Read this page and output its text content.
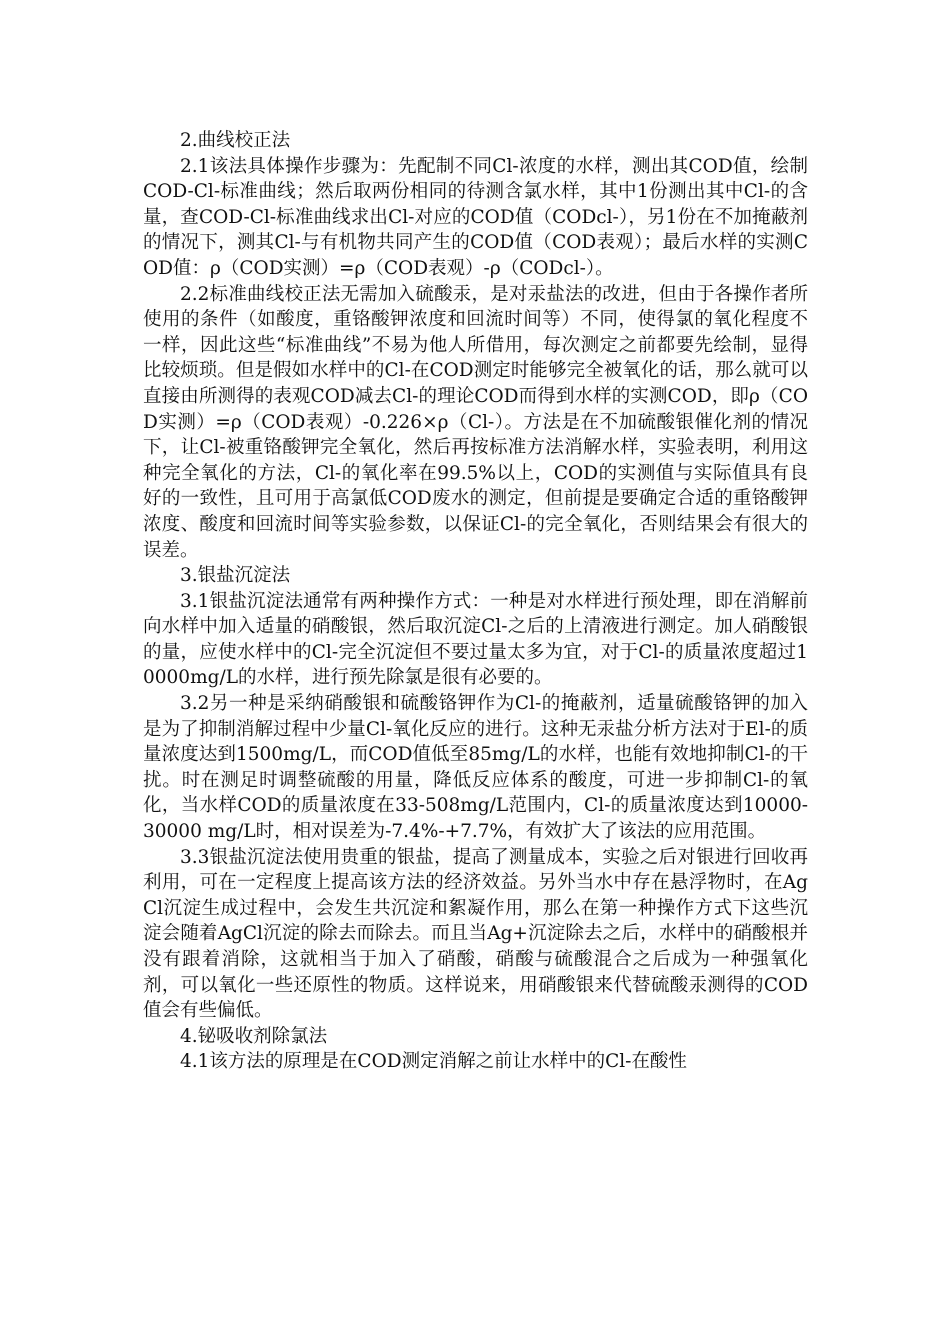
2.曲线校正法

2.1该法具体操作步骤为：先配制不同Cl-浓度的水样，测出其COD值，绘制COD-Cl-标准曲线；然后取两份相同的待测含氯水样，其中1份测出其中Cl-的含量，查COD-Cl-标准曲线求出Cl-对应的COD值（CODcl-），另1份在不加掩蔽剂的情况下，测其Cl-与有机物共同产生的COD值（COD表观）；最后水样的实测COD值：ρ（COD实测）=ρ（COD表观）-ρ（CODcl-）。

2.2标准曲线校正法无需加入硫酸汞，是对汞盐法的改进，但由于各操作者所使用的条件（如酸度，重铬酸钾浓度和回流时间等）不同，使得氯的氧化程度不一样，因此这些“标准曲线”不易为他人所借用，每次测定之前都要先绘制，显得比较烦琐。但是假如水样中的Cl-在COD测定时能够完全被氧化的话，那么就可以直接由所测得的表观COD减去Cl-的理论COD而得到水样的实测COD，即ρ（COD实测）=ρ（COD表观）-0.226×ρ（Cl-）。方法是在不加硫酸银催化剂的情况下，让Cl-被重铬酸钾完全氧化，然后再按标准方法消解水样，实验表明，利用这种完全氧化的方法，Cl-的氧化率在99.5%以上，COD的实测值与实际值具有良好的一致性，且可用于高氯低COD废水的测定，但前提是要确定合适的重铬酸钾浓度、酸度和回流时间等实验参数，以保证Cl-的完全氧化，否则结果会有很大的误差。

3.银盐沉淀法

3.1银盐沉淀法通常有两种操作方式：一种是对水样进行预处理，即在消解前向水样中加入适量的硝酸银，然后取沉淀Cl-之后的上清液进行测定。加人硝酸银的量，应使水样中的Cl-完全沉淀但不要过量太多为宜，对于Cl-的质量浓度超过10000mg/L的水样，进行预先除氯是很有必要的。

3.2另一种是采纳硝酸银和硫酸铬钾作为Cl-的掩蔽剂，适量硫酸铬钾的加入是为了抑制消解过程中少量Cl-氧化反应的进行。这种无汞盐分析方法对于El-的质量浓度达到1500mg/L，而COD值低至85mg/L的水样，也能有效地抑制Cl-的干扰。时在测足时调整硫酸的用量，降低反应体系的酸度，可进一步抑制Cl-的氧化，当水样COD的质量浓度在33-508mg/L范围内，Cl-的质量浓度达到10000-30000 mg/L时，相对误差为-7.4%-+7.7%，有效扩大了该法的应用范围。

3.3银盐沉淀法使用贵重的银盐，提高了测量成本，实验之后对银进行回收再利用，可在一定程度上提高该方法的经济效益。另外当水中存在悬浮物时，在AgCl沉淀生成过程中，会发生共沉淀和絮凝作用，那么在第一种操作方式下这些沉淀会随着AgCl沉淀的除去而除去。而且当Ag+沉淀除去之后，水样中的硝酸根并没有跟着消除，这就相当于加入了硝酸，硝酸与硫酸混合之后成为一种强氧化剂，可以氧化一些还原性的物质。这样说来，用硝酸银来代替硫酸汞测得的COD值会有些偏低。

4.铋吸收剂除氯法

4.1该方法的原理是在COD测定消解之前让水样中的Cl-在酸性
